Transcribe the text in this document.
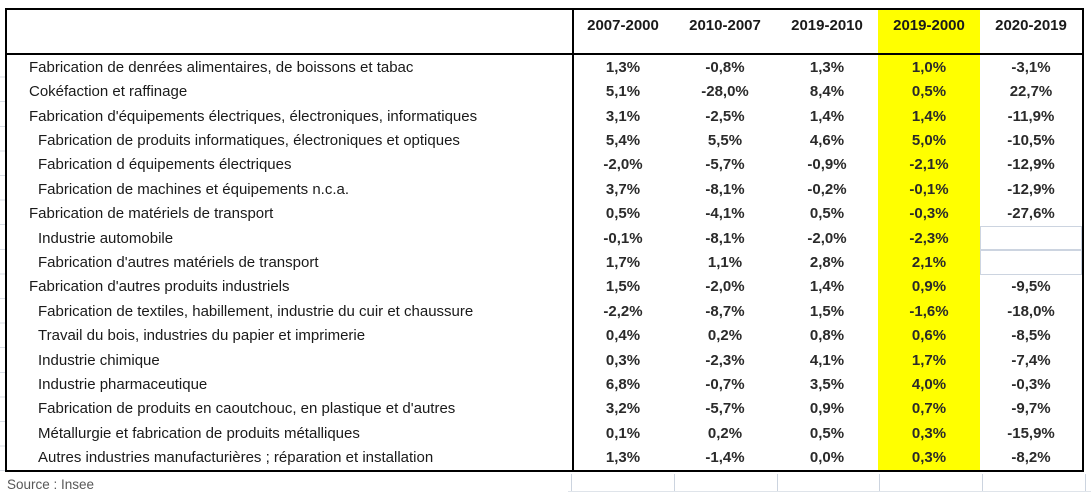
2007-2000	2010-2007	2019-2010	2019-2000	2020-2019
Fabrication de denrées alimentaires, de boissons et tabac	1,3%	-0,8%	1,3%	1,0%	-3,1%
Cokéfaction et raffinage	5,1%	-28,0%	8,4%	0,5%	22,7%
Fabrication d'équipements électriques, électroniques, informatiques	3,1%	-2,5%	1,4%	1,4%	-11,9%
Fabrication de produits informatiques, électroniques et optiques	5,4%	5,5%	4,6%	5,0%	-10,5%
Fabrication d équipements électriques	-2,0%	-5,7%	-0,9%	-2,1%	-12,9%
Fabrication de machines et équipements n.c.a.	3,7%	-8,1%	-0,2%	-0,1%	-12,9%
Fabrication de matériels de transport	0,5%	-4,1%	0,5%	-0,3%	-27,6%
Industrie automobile	-0,1%	-8,1%	-2,0%	-2,3%
Fabrication d'autres matériels de transport	1,7%	1,1%	2,8%	2,1%
Fabrication d'autres produits industriels	1,5%	-2,0%	1,4%	0,9%	-9,5%
Fabrication de textiles, habillement, industrie du cuir et chaussure	-2,2%	-8,7%	1,5%	-1,6%	-18,0%
Travail du bois, industries du papier et imprimerie	0,4%	0,2%	0,8%	0,6%	-8,5%
Industrie chimique	0,3%	-2,3%	4,1%	1,7%	-7,4%
Industrie pharmaceutique	6,8%	-0,7%	3,5%	4,0%	-0,3%
Fabrication de produits en caoutchouc, en plastique et d'autres	3,2%	-5,7%	0,9%	0,7%	-9,7%
Métallurgie et fabrication de produits métalliques	0,1%	0,2%	0,5%	0,3%	-15,9%
Autres industries manufacturières ; réparation et installation	1,3%	-1,4%	0,0%	0,3%	-8,2%
Source : Insee
